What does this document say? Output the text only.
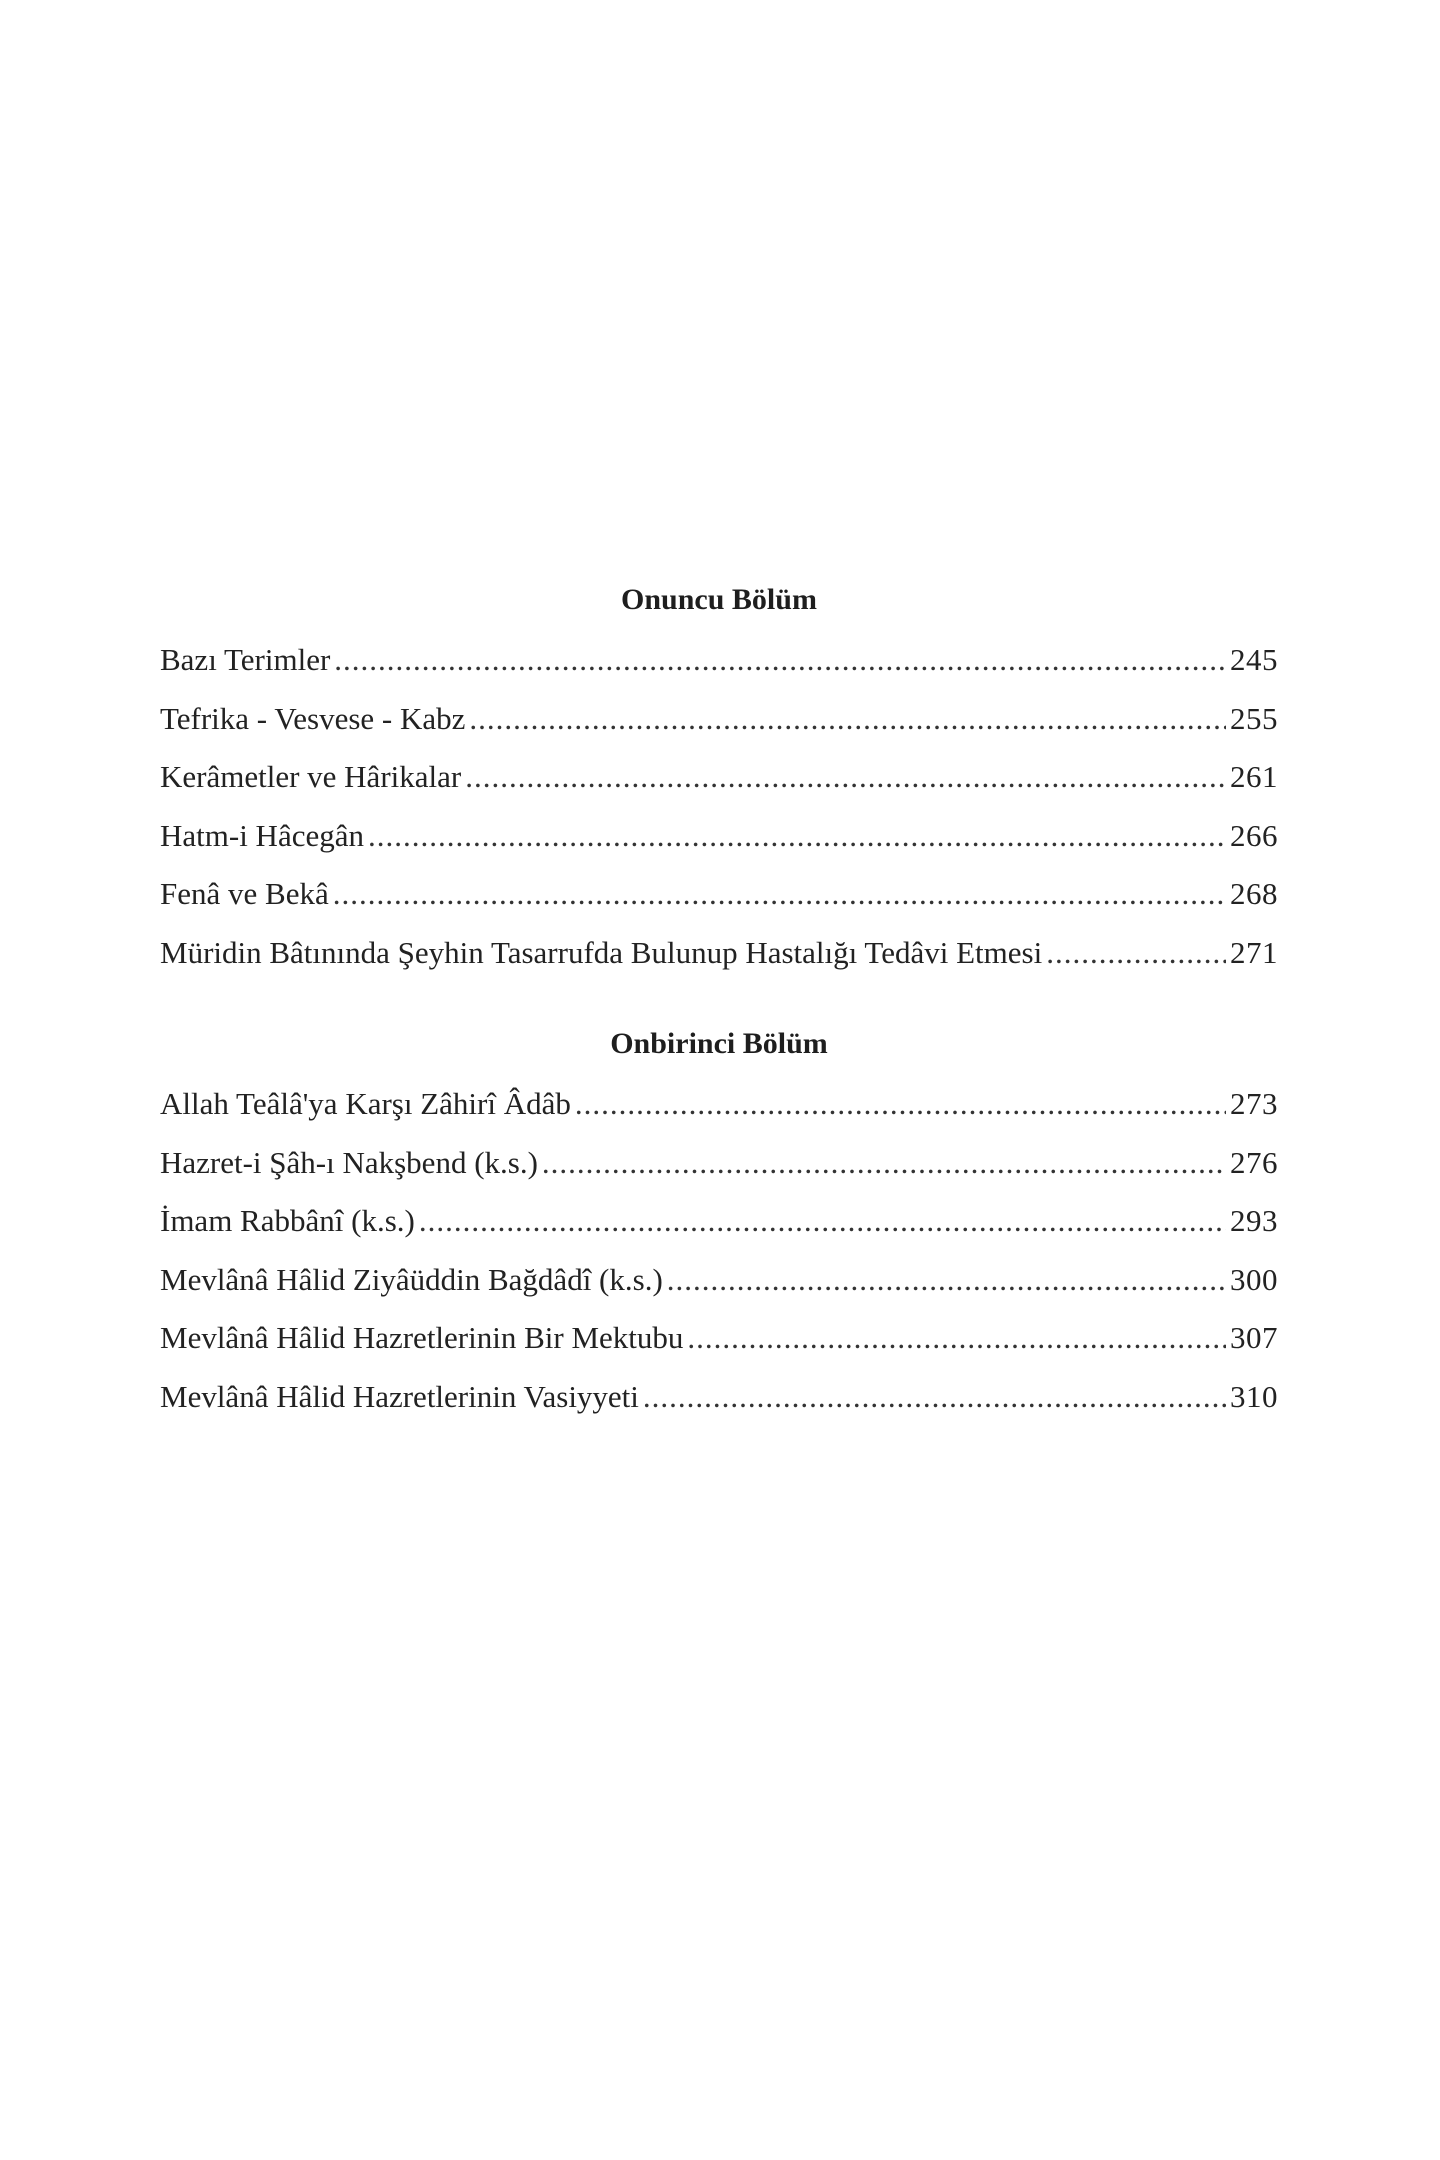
Onuncu Bölüm
Bazı Terimler .....	245
Tefrika - Vesvese - Kabz .....	255
Kerâmetler ve Hârikalar .....	261
Hatm-i Hâcegân .....	266
Fenâ ve Bekâ .....	268
Müridin Bâtınında Şeyhin Tasarrufda Bulunup Hastalığı Tedâvi Etmesi .....	271
Onbirinci Bölüm
Allah Teâlâ'ya Karşı Zâhirî Âdâb .....	273
Hazret-i Şâh-ı Nakşbend (k.s.) .....	276
İmam Rabbânî (k.s.) .....	293
Mevlânâ Hâlid Ziyâüddin Bağdâdî (k.s.) .....	300
Mevlânâ Hâlid Hazretlerinin Bir Mektubu .....	307
Mevlânâ Hâlid Hazretlerinin Vasiyyeti .....	310
